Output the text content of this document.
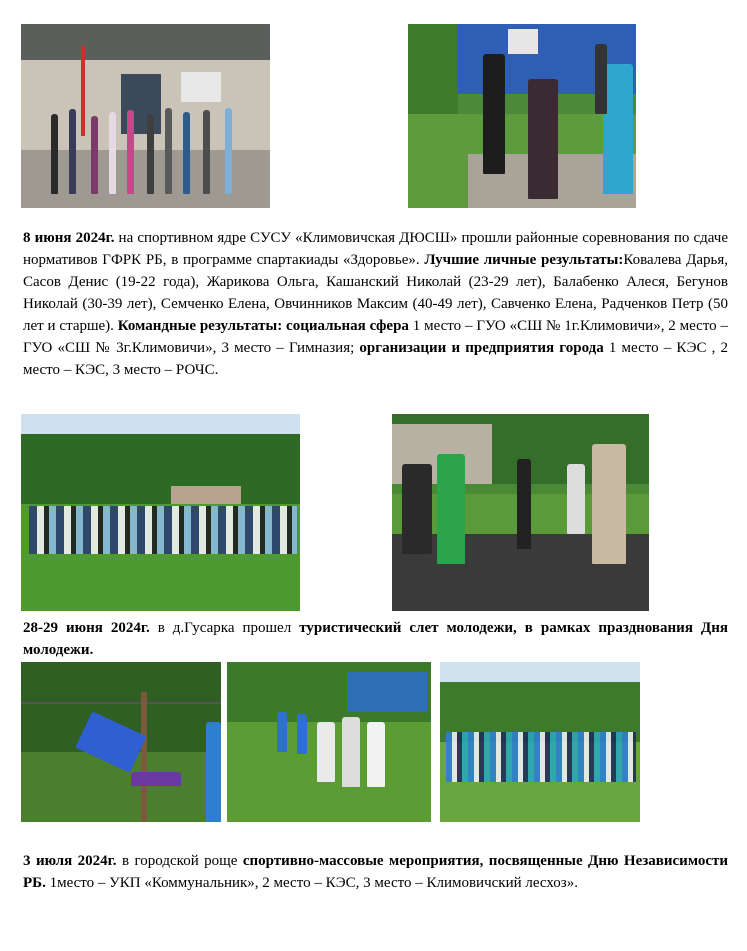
8 июня 2024г. на спортивном ядре СУСУ «Климовичская ДЮСШ» прошли районные соревнования по сдаче нормативов ГФРК РБ, в программе спартакиады «Здоровье». Лучшие личные результаты:Ковалева Дарья, Сасов Денис (19-22 года), Жарикова Ольга, Кашанский Николай (23-29 лет), Балабенко Алеся, Бегунов Николай (30-39 лет), Семченко Елена, Овчинников Максим (40-49 лет), Савченко Елена, Радченков Петр (50 лет и старше). Командные результаты: социальная сфера 1 место – ГУО «СШ № 1г.Климовичи», 2 место –ГУО «СШ № 3г.Климовичи», 3 место – Гимназия; организации и предприятия города 1 место – КЭС , 2 место – КЭС, 3 место – РОЧС.
28-29 июня 2024г. в д.Гусарка прошел туристический слет молодежи, в рамках празднования Дня молодежи.
3 июля 2024г. в городской роще спортивно-массовые мероприятия, посвященные Дню Независимости РБ. 1место – УКП «Коммунальник», 2 место – КЭС, 3 место – Климовичский лесхоз».
